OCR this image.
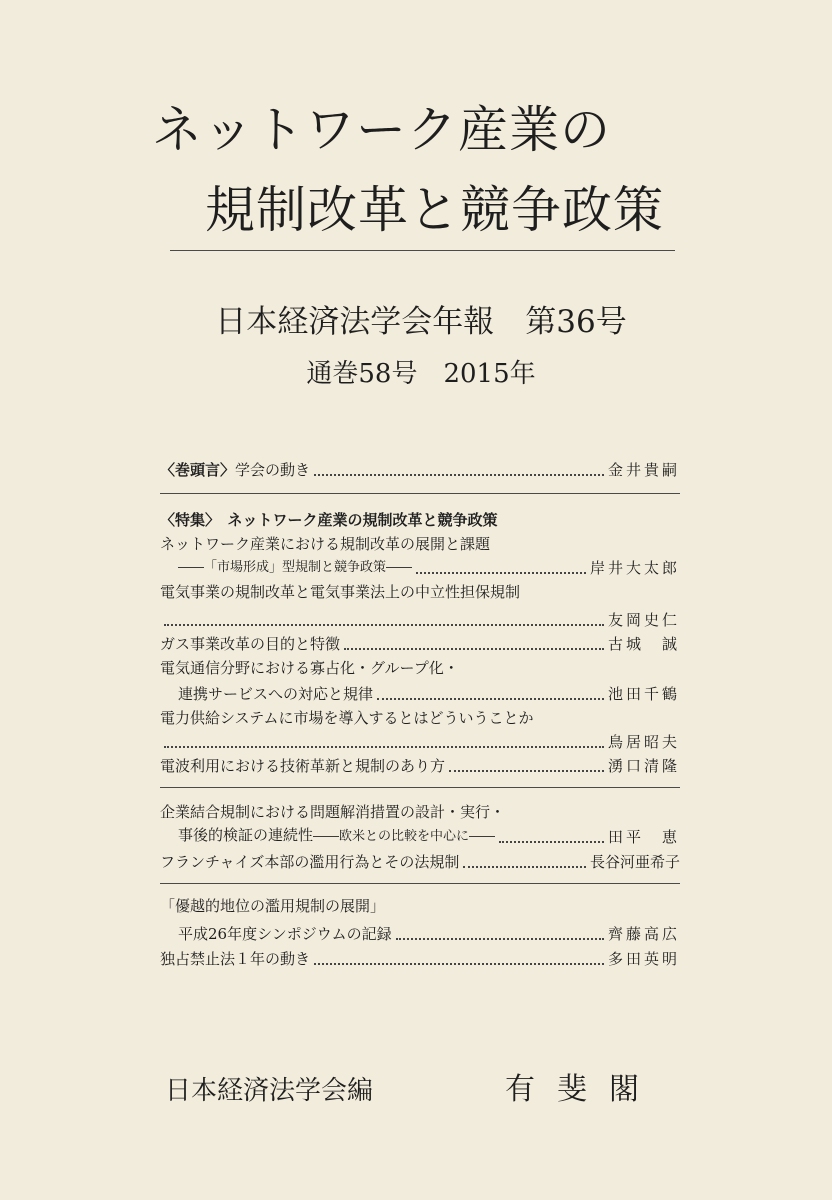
ネットワーク産業の
規制改革と競争政策
日本経済法学会年報　第36号
通巻58号　2015年
〈巻頭言〉学会の動き	金井貴嗣
〈特集〉　 ネットワーク産業の規制改革と競争政策
ネットワーク産業における規制改革の展開と課題
――「市場形成」型規制と競争政策――	岸井大太郎
電気事業の規制改革と電気事業法上の中立性担保規制
友岡史仁
ガス事業改革の目的と特徴	古城　誠
電気通信分野における寡占化・グループ化・
連携サービスへの対応と規律	池田千鶴
電力供給システムに市場を導入するとはどういうことか
鳥居昭夫
電波利用における技術革新と規制のあり方	湧口清隆
企業結合規制における問題解消措置の設計・実行・
事後的検証の連続性――欧米との比較を中心に――	田平　恵
フランチャイズ本部の濫用行為とその法規制	長谷河亜希子
「優越的地位の濫用規制の展開」
平成26年度シンポジウムの記録	齊藤高広
独占禁止法１年の動き	多田英明
日本経済法学会編	有斐閣
